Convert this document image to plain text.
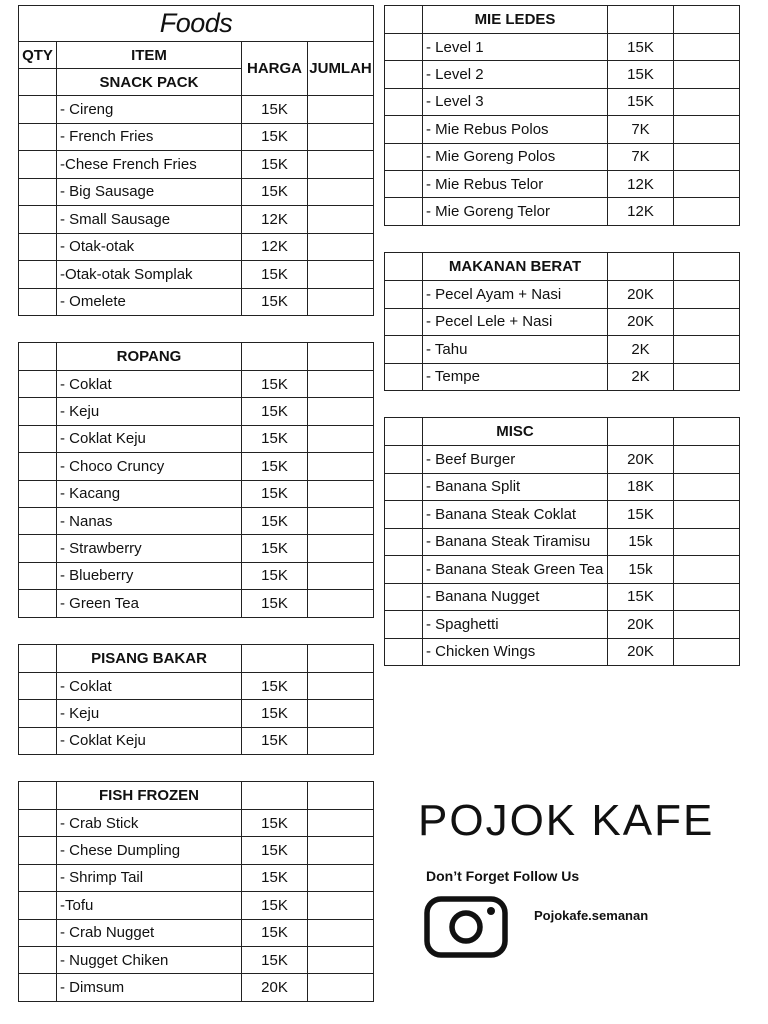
Foods			
QTY	ITEM	HARGA	JUMLAH
	SNACK PACK		
	- Cireng	15K	
	- French Fries	15K	
	-Chese French Fries	15K	
	- Big Sausage	15K	
	- Small Sausage	12K	
	- Otak-otak	12K	
	-Otak-otak Somplak	15K	
	- Omelete	15K	
	ROPANG		
	- Coklat	15K	
	- Keju	15K	
	- Coklat Keju	15K	
	- Choco Cruncy	15K	
	- Kacang	15K	
	- Nanas	15K	
	- Strawberry	15K	
	- Blueberry	15K	
	- Green Tea	15K	
	PISANG BAKAR		
	- Coklat	15K	
	- Keju	15K	
	- Coklat Keju	15K	
	FISH FROZEN		
	- Crab Stick	15K	
	- Chese Dumpling	15K	
	- Shrimp Tail	15K	
	-Tofu	15K	
	- Crab Nugget	15K	
	- Nugget Chiken	15K	
	- Dimsum	20K	
	MIE LEDES		
	- Level 1	15K	
	- Level 2	15K	
	- Level 3	15K	
	- Mie Rebus Polos	7K	
	- Mie Goreng Polos	7K	
	- Mie Rebus Telor	12K	
	- Mie Goreng Telor	12K	
	MAKANAN BERAT		
	- Pecel Ayam + Nasi	20K	
	- Pecel Lele + Nasi	20K	
	- Tahu	2K	
	- Tempe	2K	
	MISC		
	- Beef Burger	20K	
	- Banana Split	18K	
	- Banana Steak Coklat	15K	
	- Banana Steak Tiramisu	15k	
	- Banana Steak Green Tea	15k	
	- Banana Nugget	15K	
	- Spaghetti	20K	
	- Chicken Wings	20K	
POJOK KAFE
Don’t Forget Follow Us
Pojokafe.semanan
